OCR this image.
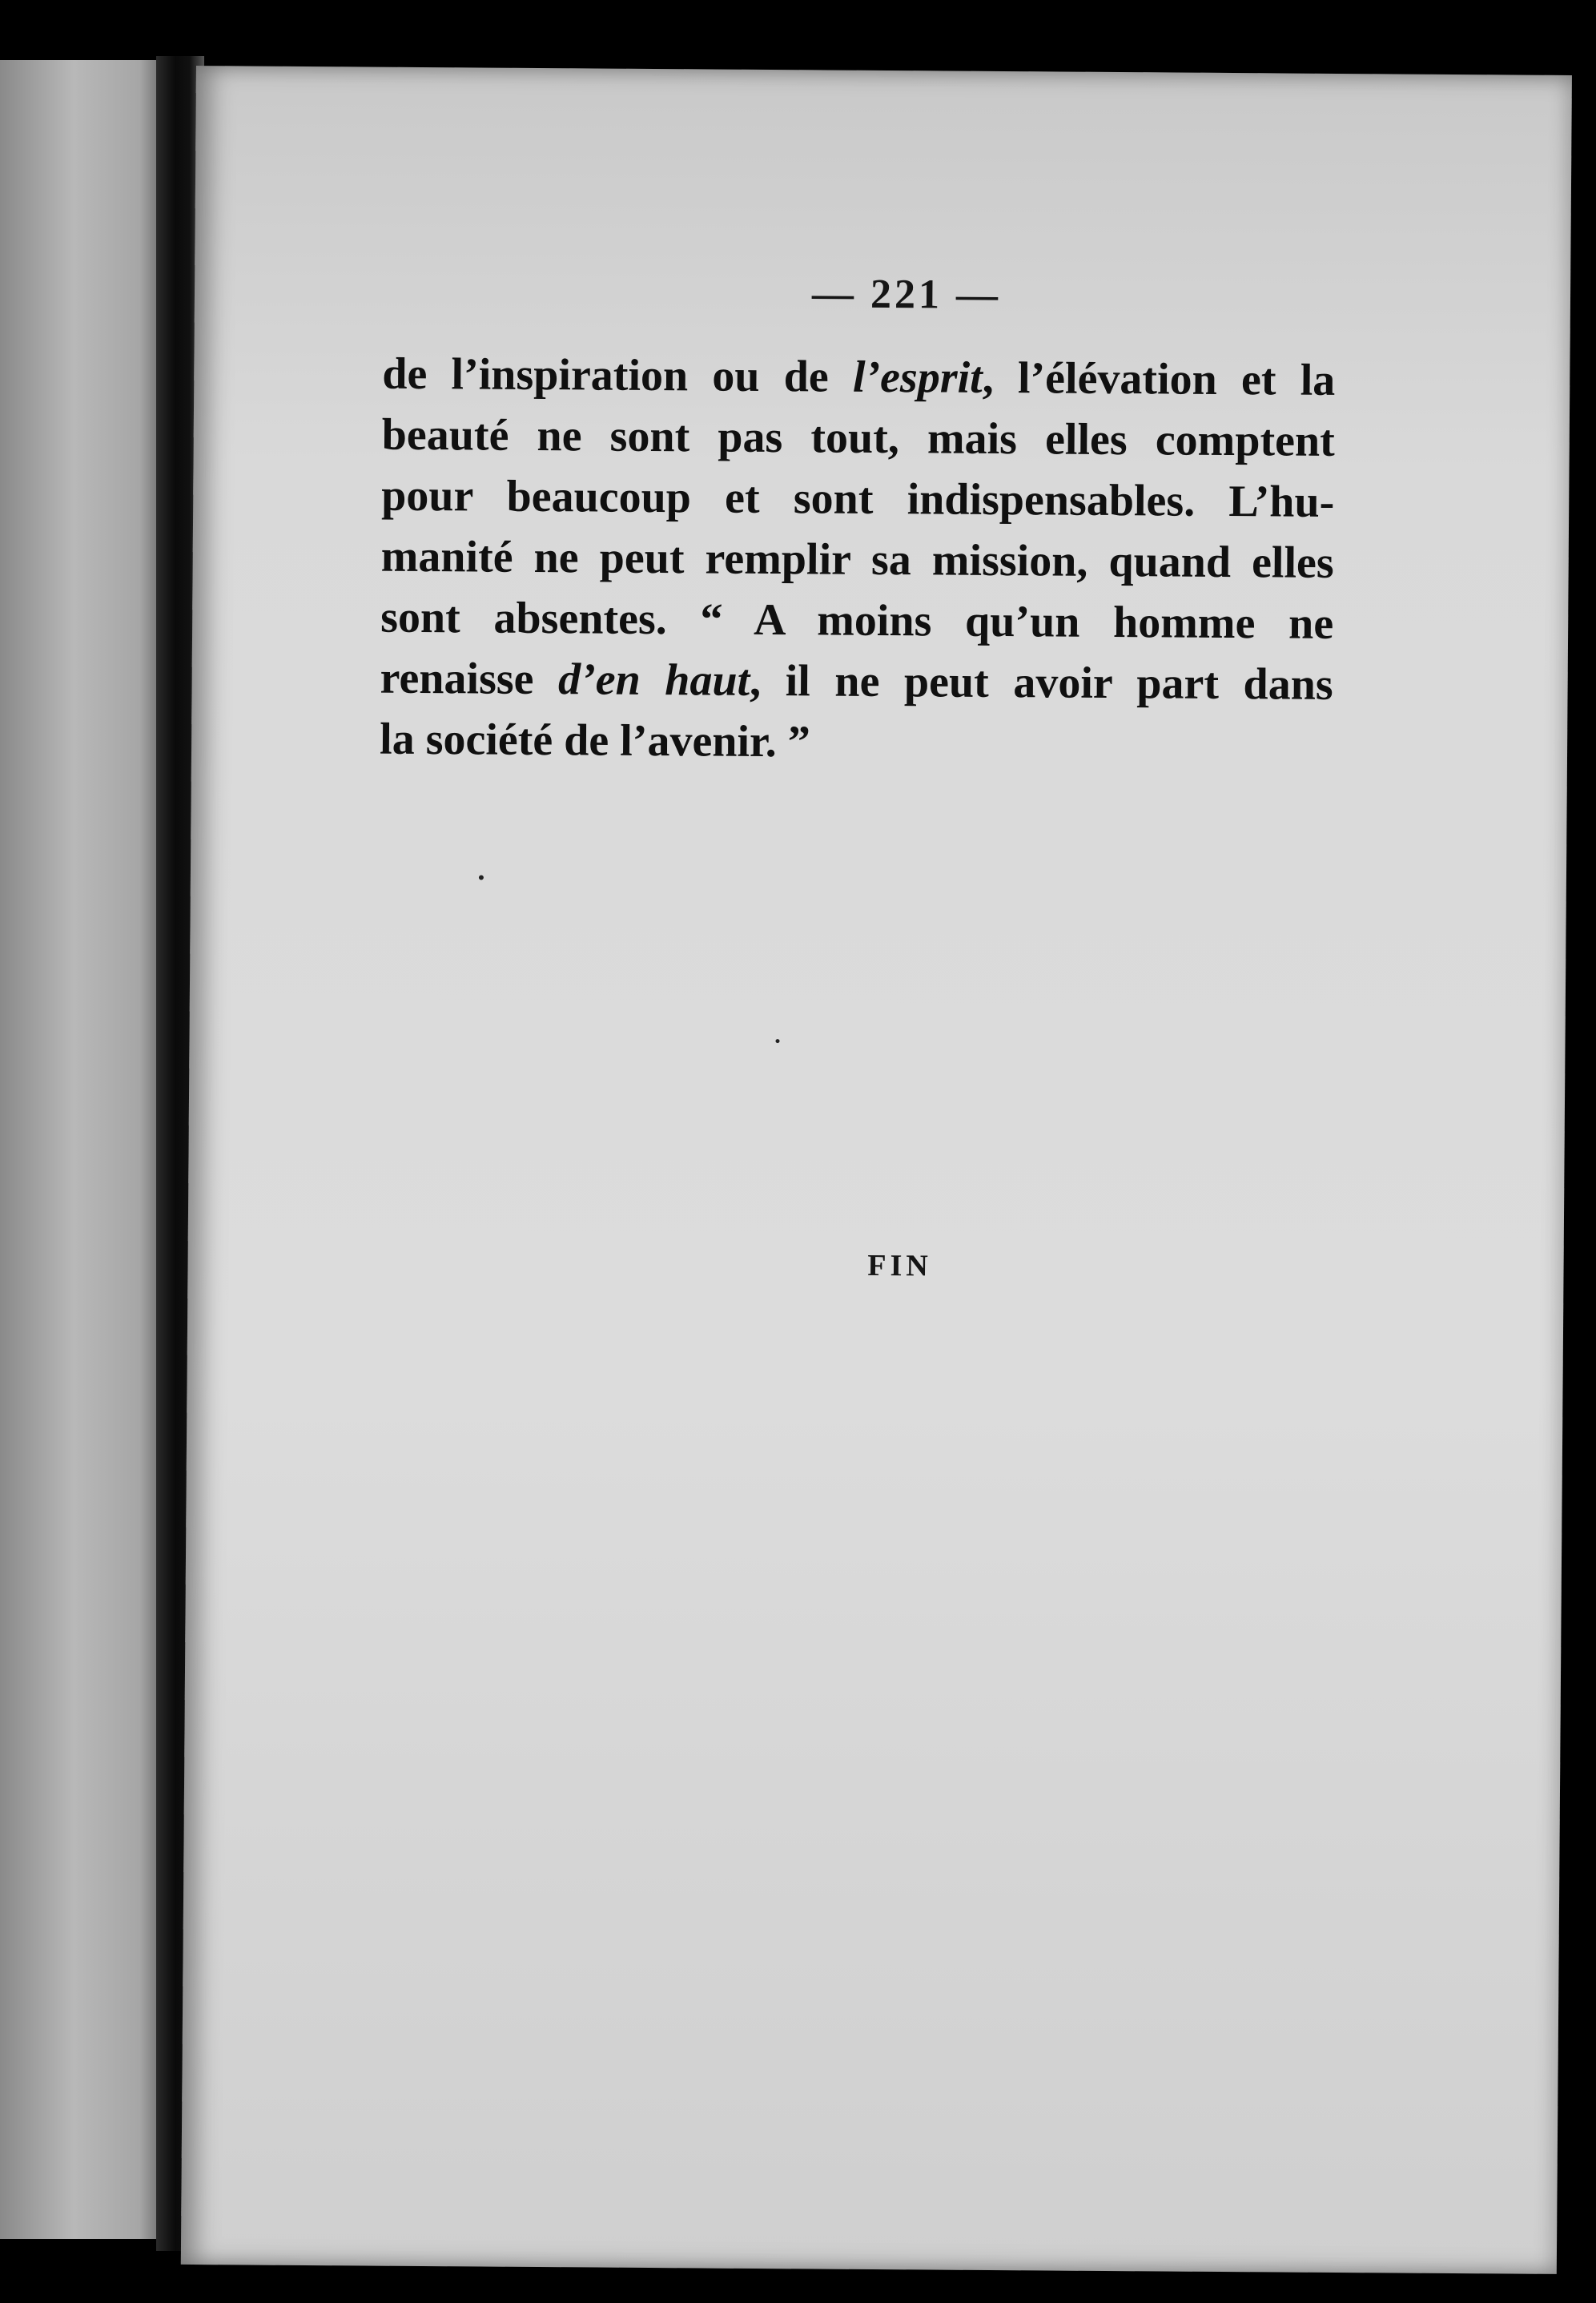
— 221 —
de l’inspiration ou de l’esprit, l’élévation et la
beauté ne sont pas tout, mais elles comptent
pour beaucoup et sont indispensables. L’hu-
manité ne peut remplir sa mission, quand elles
sont absentes. “ A moins qu’un homme ne
renaisse d’en haut, il ne peut avoir part dans
la société de l’avenir. ”
FIN
